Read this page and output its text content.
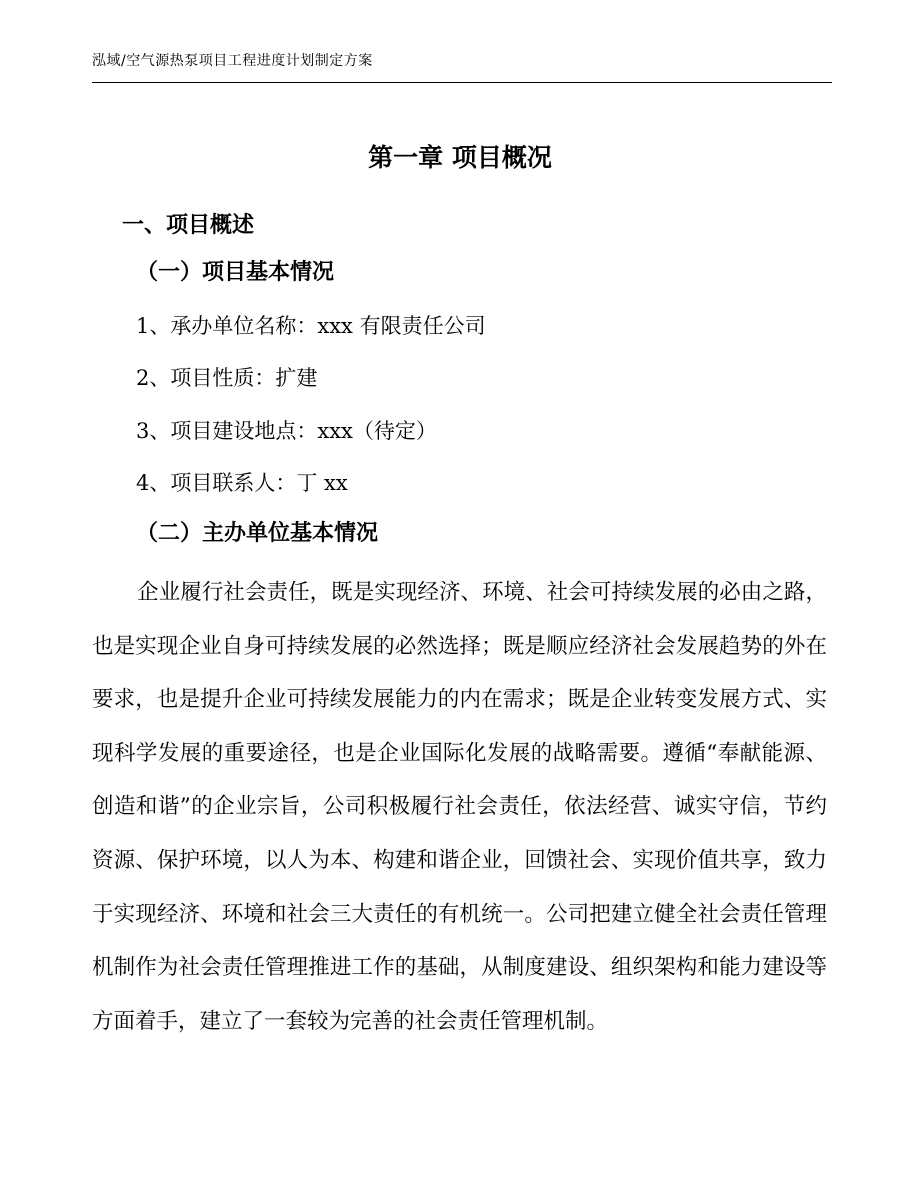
泓域/空气源热泵项目工程进度计划制定方案
第一章 项目概况
一、项目概述
（一）项目基本情况
1、承办单位名称：xxx 有限责任公司
2、项目性质：扩建
3、项目建设地点：xxx（待定）
4、项目联系人：丁 xx
（二）主办单位基本情况

企业履行社会责任，既是实现经济、环境、社会可持续发展的必由之路，也是实现企业自身可持续发展的必然选择；既是顺应经济社会发展趋势的外在要求，也是提升企业可持续发展能力的内在需求；既是企业转变发展方式、实现科学发展的重要途径，也是企业国际化发展的战略需要。遵循“奉献能源、创造和谐”的企业宗旨，公司积极履行社会责任，依法经营、诚实守信，节约资源、保护环境，以人为本、构建和谐企业，回馈社会、实现价值共享，致力于实现经济、环境和社会三大责任的有机统一。公司把建立健全社会责任管理机制作为社会责任管理推进工作的基础，从制度建设、组织架构和能力建设等方面着手，建立了一套较为完善的社会责任管理机制。
